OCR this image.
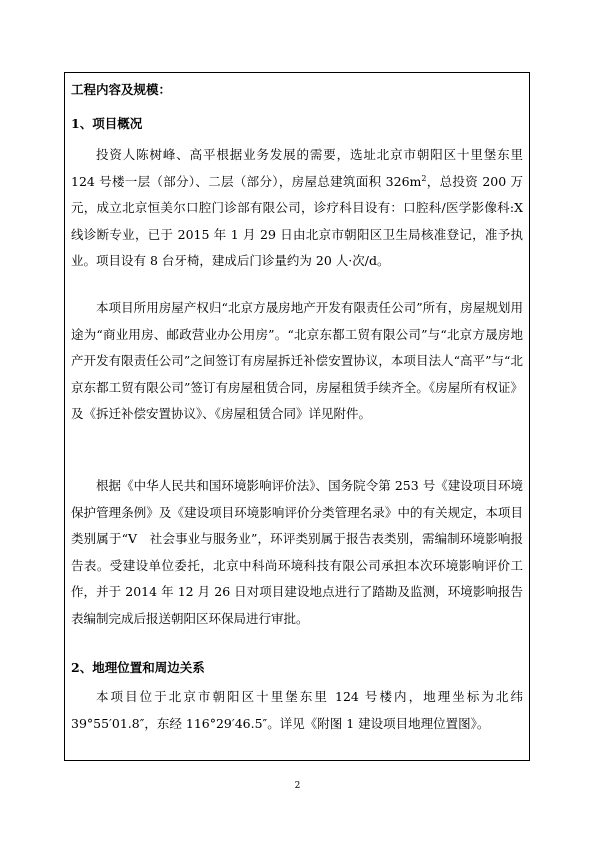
工程内容及规模：
1、项目概况
投资人陈树峰、高平根据业务发展的需要，选址北京市朝阳区十里堡东里 124 号楼一层（部分）、二层（部分），房屋总建筑面积 $326m^2$，总投资 200 万元，成立北京恒美尔口腔门诊部有限公司，诊疗科目设有：口腔科/医学影像科:X 线诊断专业，已于 2015 年 1 月 29 日由北京市朝阳区卫生局核准登记，准予执业。项目设有 8 台牙椅，建成后门诊量约为 20 人·次/d。
本项目所用房屋产权归“北京方晟房地产开发有限责任公司”所有，房屋规划用途为“商业用房、邮政营业办公用房”。“北京东都工贸有限公司”与“北京方晟房地产开发有限责任公司”之间签订有房屋拆迁补偿安置协议，本项目法人“高平”与“北京东都工贸有限公司”签订有房屋租赁合同，房屋租赁手续齐全。《房屋所有权证》及《拆迁补偿安置协议》、《房屋租赁合同》详见附件。
根据《中华人民共和国环境影响评价法》、国务院令第 253 号《建设项目环境保护管理条例》及《建设项目环境影响评价分类管理名录》中的有关规定，本项目类别属于“V　社会事业与服务业”，环评类别属于报告表类别，需编制环境影响报告表。受建设单位委托，北京中科尚环境科技有限公司承担本次环境影响评价工作，并于 2014 年 12 月 26 日对项目建设地点进行了踏勘及监测，环境影响报告表编制完成后报送朝阳区环保局进行审批。
2、地理位置和周边关系
本项目位于北京市朝阳区十里堡东里 124 号楼内，地理坐标为北纬 39°55′01.8″，东经 116°29′46.5″。详见《附图 1 建设项目地理位置图》。
2
